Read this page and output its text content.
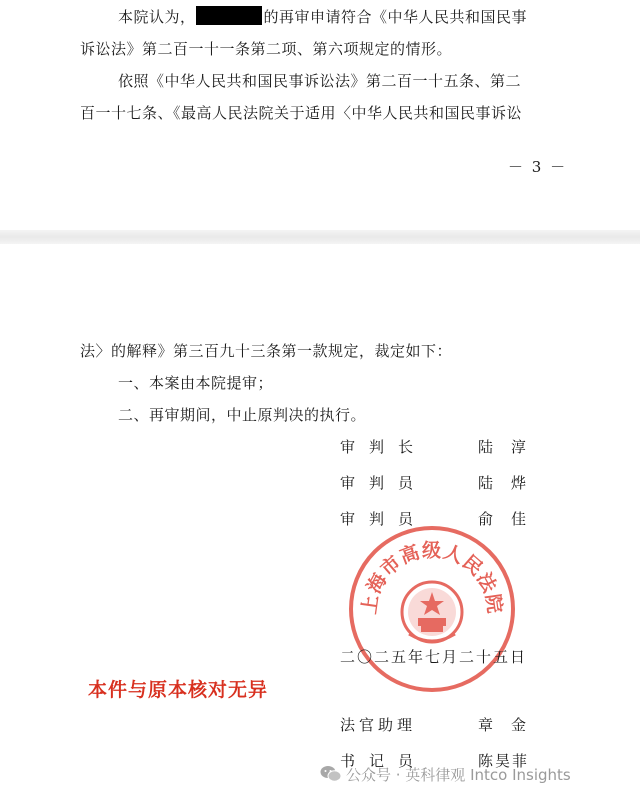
本院认为，	的再审申请符合《中华人民共和国民事
诉讼法》第二百一十一条第二项、第六项规定的情形。
依照《中华人民共和国民事诉讼法》第二百一十五条、第二
百一十七条、《最高人民法院关于适用〈中华人民共和国民事诉讼
－ 3 －
法〉的解释》第三百九十三条第一款规定，裁定如下：
一、本案由本院提审；
二、再审期间，中止原判决的执行。
审判长	陆淳
审判员	陆烨
审判员	俞佳
上海市高级人民法院
二〇二五年七月二十五日
本件与原本核对无异
法官助理	章金
书记员	陈昊菲
公众号 · 英科律观 Intco Insights
